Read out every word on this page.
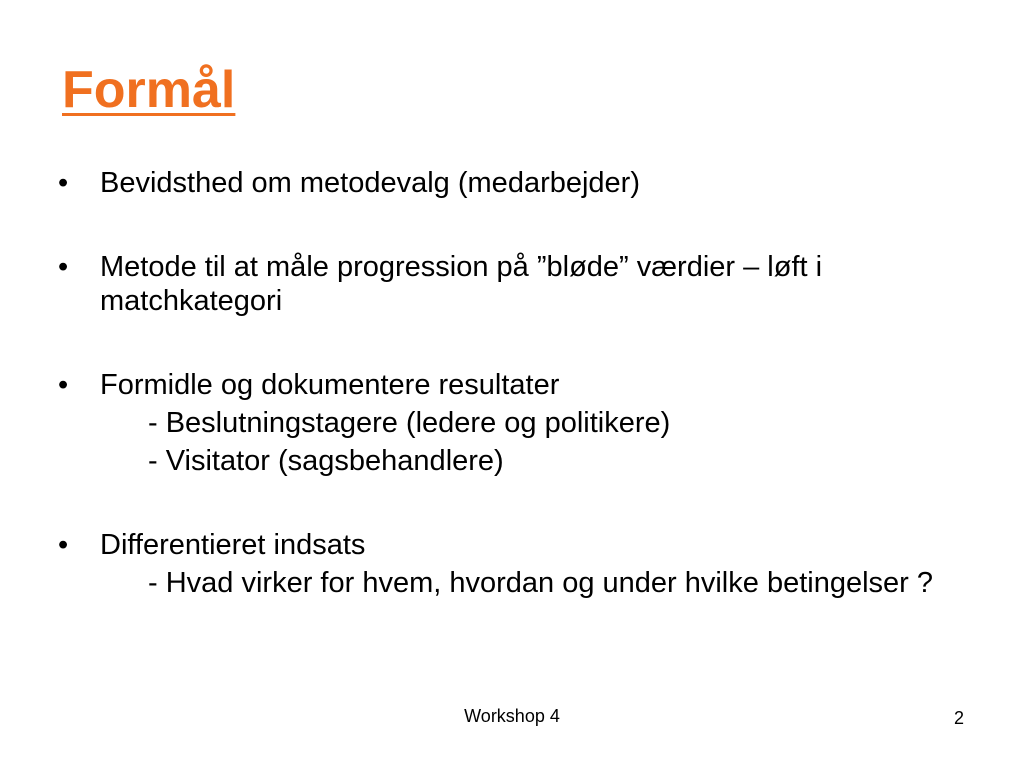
Formål
• Bevidsthed om metodevalg (medarbejder)
• Metode til at måle progression på ”bløde” værdier – løft i matchkategori
• Formidle og dokumentere resultater
- Beslutningstagere (ledere og politikere)
- Visitator (sagsbehandlere)
• Differentieret indsats
- Hvad virker for hvem, hvordan og under hvilke betingelser ?
Workshop 4	2
